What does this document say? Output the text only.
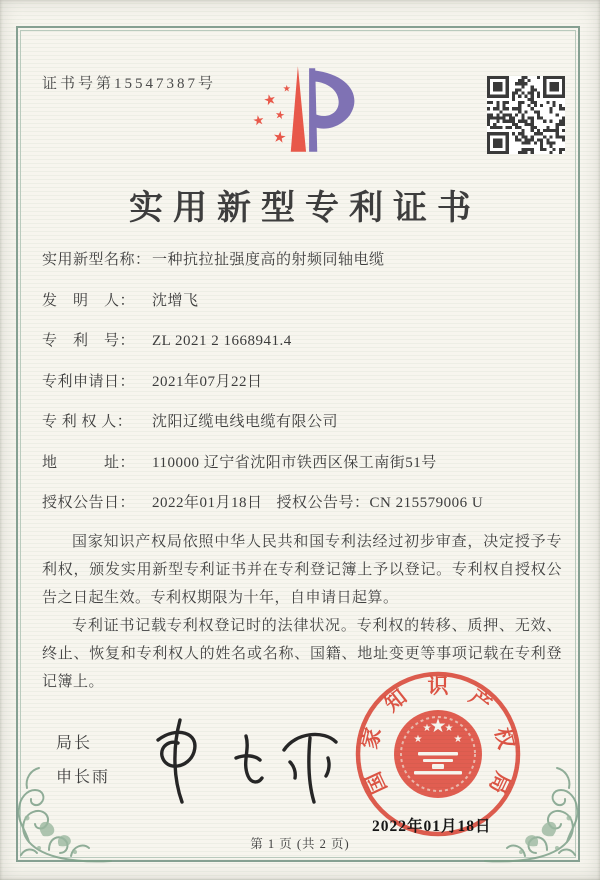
证书号第15547387号	★
★
★
★
★
实用新型专利证书
实用新型名称： 一种抗拉扯强度高的射频同轴电缆
发　明　人：	沈增飞
专　利　号：	ZL 2021 2 1668941.4
专利申请日：	2021年07月22日
专 利 权 人：	沈阳辽缆电线电缆有限公司
地　　　址：	110000 辽宁省沈阳市铁西区保工南街51号
授权公告日：	2022年01月18日 授权公告号： CN 215579006 U

国家知识产权局依照中华人民共和国专利法经过初步审查，决定授予专利权，颁发实用新型专利证书并在专利登记簿上予以登记。专利权自授权公告之日起生效。专利权期限为十年，自申请日起算。

专利证书记载专利权登记时的法律状况。专利权的转移、质押、无效、终止、恢复和专利权人的姓名或名称、国籍、地址变更等事项记载在专利登记簿上。

局长
申长雨
★
★
★ ★
★
国
家
知 识 产
权
局
2022年01月18日
第 1 页 (共 2 页)
